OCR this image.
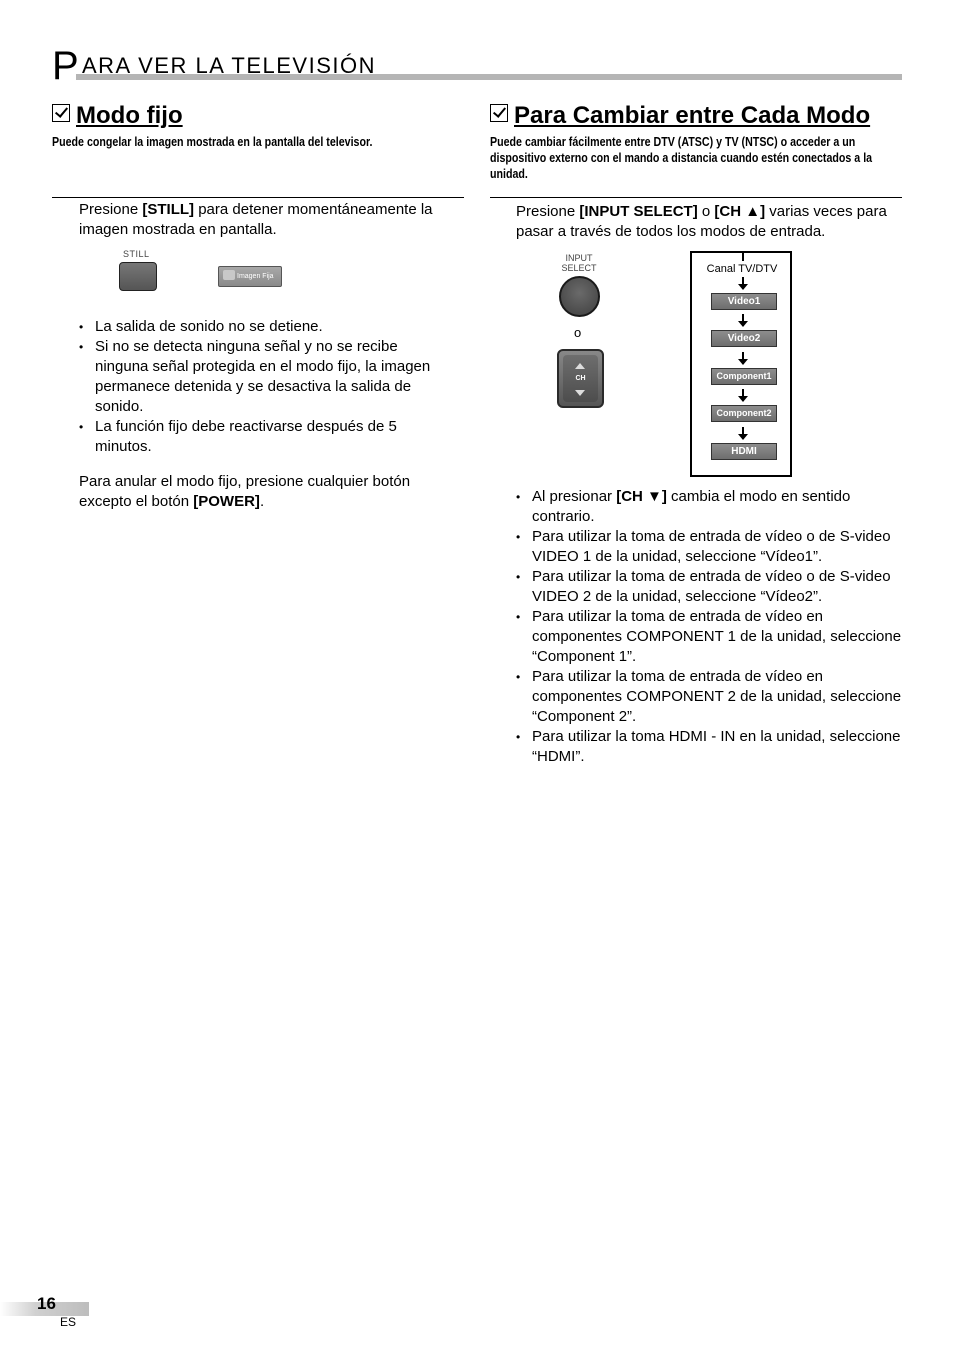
P ARA VER LA TELEVISIÓN
Modo fijo
Puede congelar la imagen mostrada en la pantalla del televisor.
Presione [STILL] para detener momentáneamente la imagen mostrada en pantalla.
STILL
Imagen Fija
• La salida de sonido no se detiene.
• Si no se detecta ninguna señal y no se recibe ninguna señal protegida en el modo fijo, la imagen permanece detenida y se desactiva la salida de sonido.
• La función fijo debe reactivarse después de 5 minutos.
Para anular el modo fijo, presione cualquier botón excepto el botón [POWER].
Para Cambiar entre Cada Modo
Puede cambiar fácilmente entre DTV (ATSC) y TV (NTSC) o acceder a un dispositivo externo con el mando a distancia cuando estén conectados a la unidad.
Presione [INPUT SELECT] o [CH ▲] varias veces para pasar a través de todos los modos de entrada.
INPUT
SELECT
o
CH
Canal TV/DTV
Video1
Video2
Component1
Component2
HDMI
• Al presionar [CH ▼] cambia el modo en sentido contrario.
• Para utilizar la toma de entrada de vídeo o de S-video VIDEO 1 de la unidad, seleccione “Vídeo1”.
• Para utilizar la toma de entrada de vídeo o de S-video VIDEO 2 de la unidad, seleccione “Vídeo2”.
• Para utilizar la toma de entrada de vídeo en componentes COMPONENT 1 de la unidad, seleccione “Component 1”.
• Para utilizar la toma de entrada de vídeo en componentes COMPONENT 2 de la unidad, seleccione “Component 2”.
• Para utilizar la toma HDMI - IN en la unidad, seleccione “HDMI”.
16
ES
